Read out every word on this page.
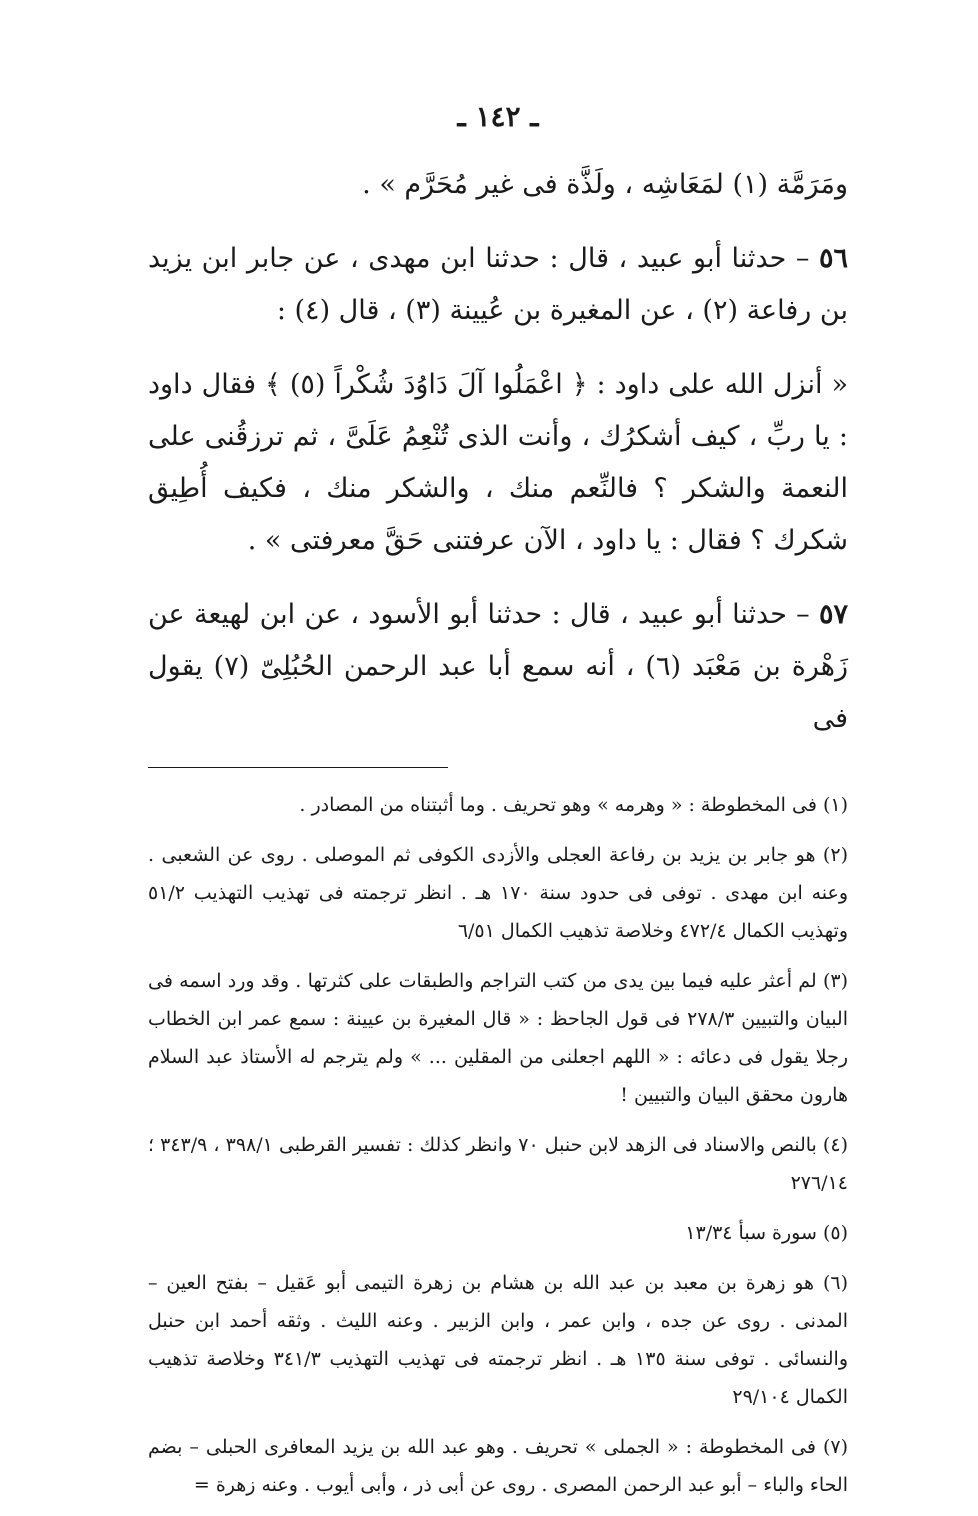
ـ ١٤٢ ـ

ومَرَمَّة (١) لمَعَاشِه ، ولَذَّة فى غير مُحَرَّم » .

٥٦ – حدثنا أبو عبيد ، قال : حدثنا ابن مهدى ، عن جابر ابن يزيد بن رفاعة (٢) ، عن المغيرة بن عُيينة (٣) ، قال (٤) :

« أنزل الله على داود : ﴿ اعْمَلُوا آلَ دَاوُدَ شُكْراً (٥) ﴾ فقال داود : يا ربِّ ، كيف أشكرُك ، وأنت الذى تُنْعِمُ عَلَىَّ ، ثم ترزقُنى على النعمة والشكر ؟ فالنِّعم منك ، والشكر منك ، فكيف أُطِيق شكرك ؟ فقال : يا داود ، الآن عرفتنى حَقَّ معرفتى » .

٥٧ – حدثنا أبو عبيد ، قال : حدثنا أبو الأسود ، عن ابن لهيعة عن زَهْرة بن مَعْبَد (٦) ، أنه سمع أبا عبد الرحمن الحُبُلِىّ (٧) يقول فى

(١) فى المخطوطة : « وهرمه » وهو تحريف . وما أثبتناه من المصادر .

(٢) هو جابر بن يزيد بن رفاعة العجلى والأزدى الكوفى ثم الموصلى . روى عن الشعبى . وعنه ابن مهدى . توفى فى حدود سنة ١٧٠ هـ . انظر ترجمته فى تهذيب التهذيب ٥١/٢ وتهذيب الكمال ٤٧٢/٤ وخلاصة تذهيب الكمال ٦/٥١

(٣) لم أعثر عليه فيما بين يدى من كتب التراجم والطبقات على كثرتها . وقد ورد اسمه فى البيان والتبيين ٢٧٨/٣ فى قول الجاحظ : « قال المغيرة بن عيينة : سمع عمر ابن الخطاب رجلا يقول فى دعائه : « اللهم اجعلنى من المقلين ... » ولم يترجم له الأستاذ عبد السلام هارون محقق البيان والتبيين !

(٤) بالنص والاسناد فى الزهد لابن حنبل ٧٠ وانظر كذلك : تفسير القرطبى ٣٩٨/١ ، ٣٤٣/٩ ؛ ٢٧٦/١٤

(٥) سورة سبأ ١٣/٣٤

(٦) هو زهرة بن معبد بن عبد الله بن هشام بن زهرة التيمى أبو عَقيل – بفتح العين – المدنى . روى عن جده ، وابن عمر ، وابن الزبير . وعنه الليث . وثقه أحمد ابن حنبل والنسائى . توفى سنة ١٣٥ هـ . انظر ترجمته فى تهذيب التهذيب ٣٤١/٣ وخلاصة تذهيب الكمال ٢٩/١٠٤

(٧) فى المخطوطة : « الجملى » تحريف . وهو عبد الله بن يزيد المعافرى الحبلى – بضم الحاء والباء – أبو عبد الرحمن المصرى . روى عن أبى ذر ، وأبى أيوب . وعنه زهرة =
